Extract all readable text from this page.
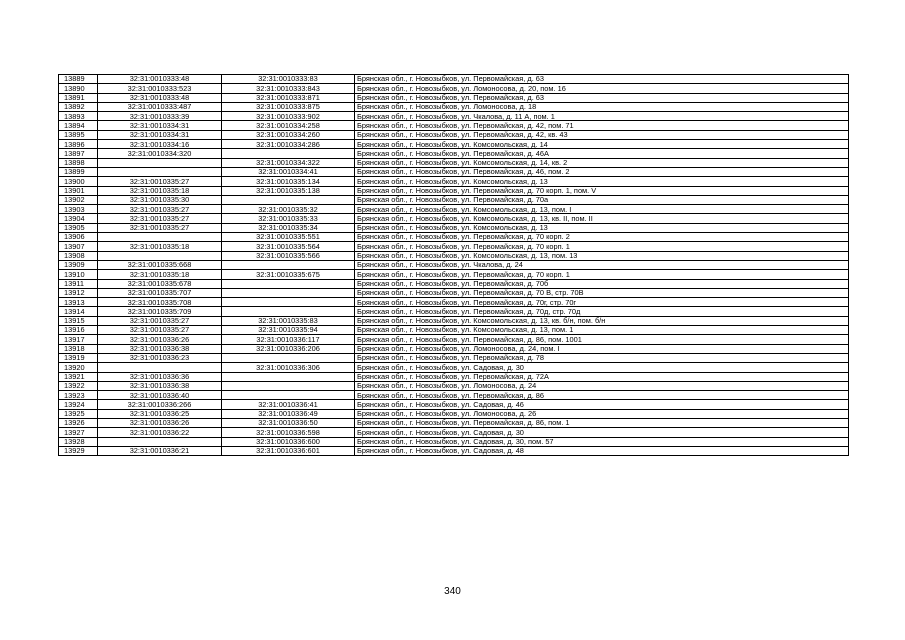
13889	32:31:0010333:48	32:31:0010333:83	Брянская обл., г. Новозыбков, ул. Первомайская, д. 63
13890	32:31:0010333:523	32:31:0010333:843	Брянская обл., г. Новозыбков, ул. Ломоносова, д. 20, пом. 16
13891	32:31:0010333:48	32:31:0010333:871	Брянская обл., г. Новозыбков, ул. Первомайская, д. 63
13892	32:31:0010333:487	32:31:0010333:875	Брянская обл., г. Новозыбков, ул. Ломоносова, д. 18
13893	32:31:0010333:39	32:31:0010333:902	Брянская обл., г. Новозыбков, ул. Чкалова, д. 11 А, пом. 1
13894	32:31:0010334:31	32:31:0010334:258	Брянская обл., г. Новозыбков, ул. Первомайская, д. 42, пом. 71
13895	32:31:0010334:31	32:31:0010334:260	Брянская обл., г. Новозыбков, ул. Первомайская, д. 42, кв. 43
13896	32:31:0010334:16	32:31:0010334:286	Брянская обл., г. Новозыбков, ул. Комсомольская, д. 14
13897	32:31:0010334:320		Брянская обл., г. Новозыбков, ул. Первомайская, д. 46А
13898		32:31:0010334:322	Брянская обл., г. Новозыбков, ул. Комсомольская, д. 14, кв. 2
13899		32:31:0010334:41	Брянская обл., г. Новозыбков, ул. Первомайская, д. 46, пом. 2
13900	32:31:0010335:27	32:31:0010335:134	Брянская обл., г. Новозыбков, ул. Комсомольская, д. 13
13901	32:31:0010335:18	32:31:0010335:138	Брянская обл., г. Новозыбков, ул. Первомайская, д. 70 корп. 1, пом. V
13902	32:31:0010335:30		Брянская обл., г. Новозыбков, ул. Первомайская, д. 70а
13903	32:31:0010335:27	32:31:0010335:32	Брянская обл., г. Новозыбков, ул. Комсомольская, д. 13, пом. I
13904	32:31:0010335:27	32:31:0010335:33	Брянская обл., г. Новозыбков, ул. Комсомольская, д. 13, кв. II, пом. II
13905	32:31:0010335:27	32:31:0010335:34	Брянская обл., г. Новозыбков, ул. Комсомольская, д. 13
13906		32:31:0010335:551	Брянская обл., г. Новозыбков, ул. Первомайская, д. 70 корп. 2
13907	32:31:0010335:18	32:31:0010335:564	Брянская обл., г. Новозыбков, ул. Первомайская, д. 70 корп. 1
13908		32:31:0010335:566	Брянская обл., г. Новозыбков, ул. Комсомольская, д. 13, пом. 13
13909	32:31:0010335:668		Брянская обл., г. Новозыбков, ул. Чкалова, д. 24
13910	32:31:0010335:18	32:31:0010335:675	Брянская обл., г. Новозыбков, ул. Первомайская, д. 70 корп. 1
13911	32:31:0010335:678		Брянская обл., г. Новозыбков, ул. Первомайская, д. 70б
13912	32:31:0010335:707		Брянская обл., г. Новозыбков, ул. Первомайская, д. 70 В, стр. 70В
13913	32:31:0010335:708		Брянская обл., г. Новозыбков, ул. Первомайская, д. 70г, стр. 70г
13914	32:31:0010335:709		Брянская обл., г. Новозыбков, ул. Первомайская, д. 70д, стр. 70д
13915	32:31:0010335:27	32:31:0010335:83	Брянская обл., г. Новозыбков, ул. Комсомольская, д. 13, кв. б/н, пом. б/н
13916	32:31:0010335:27	32:31:0010335:94	Брянская обл., г. Новозыбков, ул. Комсомольская, д. 13, пом. 1
13917	32:31:0010336:26	32:31:0010336:117	Брянская обл., г. Новозыбков, ул. Первомайская, д. 86, пом. 1001
13918	32:31:0010336:38	32:31:0010336:206	Брянская обл., г. Новозыбков, ул. Ломоносова, д. 24, пом. I
13919	32:31:0010336:23		Брянская обл., г. Новозыбков, ул. Первомайская, д. 78
13920		32:31:0010336:306	Брянская обл., г. Новозыбков, ул. Садовая, д. 30
13921	32:31:0010336:36		Брянская обл., г. Новозыбков, ул. Первомайская, д. 72А
13922	32:31:0010336:38		Брянская обл., г. Новозыбков, ул. Ломоносова, д. 24
13923	32:31:0010336:40		Брянская обл., г. Новозыбков, ул. Первомайская, д. 86
13924	32:31:0010336:266	32:31:0010336:41	Брянская обл., г. Новозыбков, ул. Садовая, д. 46
13925	32:31:0010336:25	32:31:0010336:49	Брянская обл., г. Новозыбков, ул. Ломоносова, д. 26
13926	32:31:0010336:26	32:31:0010336:50	Брянская обл., г. Новозыбков, ул. Первомайская, д. 86, пом. 1
13927	32:31:0010336:22	32:31:0010336:598	Брянская обл., г. Новозыбков, ул. Садовая, д. 30
13928		32:31:0010336:600	Брянская обл., г. Новозыбков, ул. Садовая, д. 30, пом. 57
13929	32:31:0010336:21	32:31:0010336:601	Брянская обл., г. Новозыбков, ул. Садовая, д. 48
340
